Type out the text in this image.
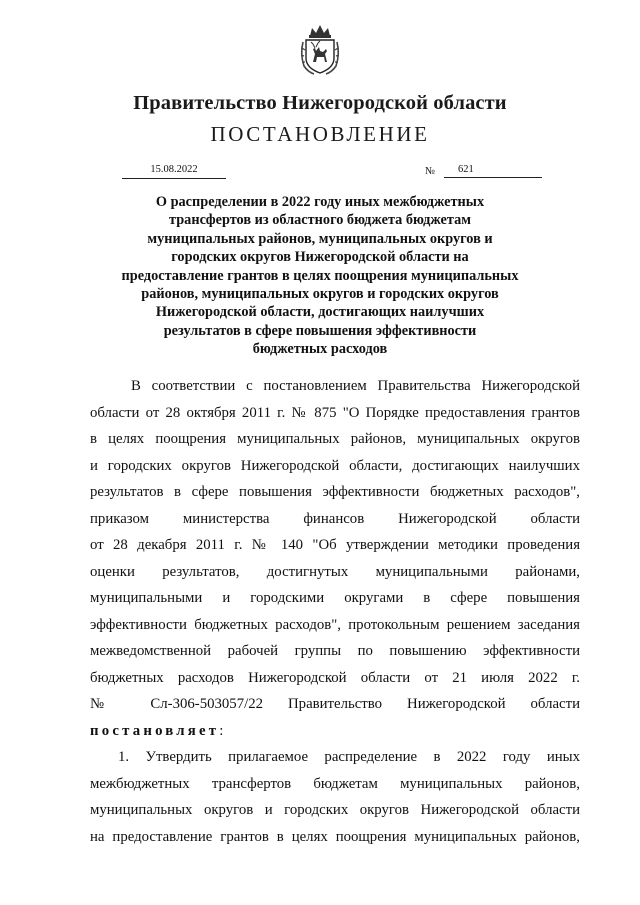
Правительство Нижегородской области
ПОСТАНОВЛЕНИЕ
15.08.2022	№	621
О распределении в 2022 году иных межбюджетных
трансфертов из областного бюджета бюджетам
муниципальных районов, муниципальных округов и
городских округов Нижегородской области на
предоставление грантов в целях поощрения муниципальных
районов, муниципальных округов и городских округов
Нижегородской области, достигающих наилучших
результатов в сфере повышения эффективности
бюджетных расходов
В соответствии с постановлением Правительства Нижегородской
области от 28 октября 2011 г. № 875 "О Порядке предоставления грантов
в целях поощрения муниципальных районов, муниципальных округов
и городских округов Нижегородской области, достигающих наилучших
результатов в сфере повышения эффективности бюджетных расходов",
приказом министерства финансов Нижегородской области
от 28 декабря 2011 г. № 140 "Об утверждении методики проведения
оценки результатов, достигнутых муниципальными районами,
муниципальными и городскими округами в сфере повышения
эффективности бюджетных расходов", протокольным решением заседания
межведомственной рабочей группы по повышению эффективности
бюджетных расходов Нижегородской области от 21 июля 2022 г.
№ Сл-306-503057/22 Правительство Нижегородской области
постановляет:
1. Утвердить прилагаемое распределение в 2022 году иных
межбюджетных трансфертов бюджетам муниципальных районов,
муниципальных округов и городских округов Нижегородской области
на предоставление грантов в целях поощрения муниципальных районов,
